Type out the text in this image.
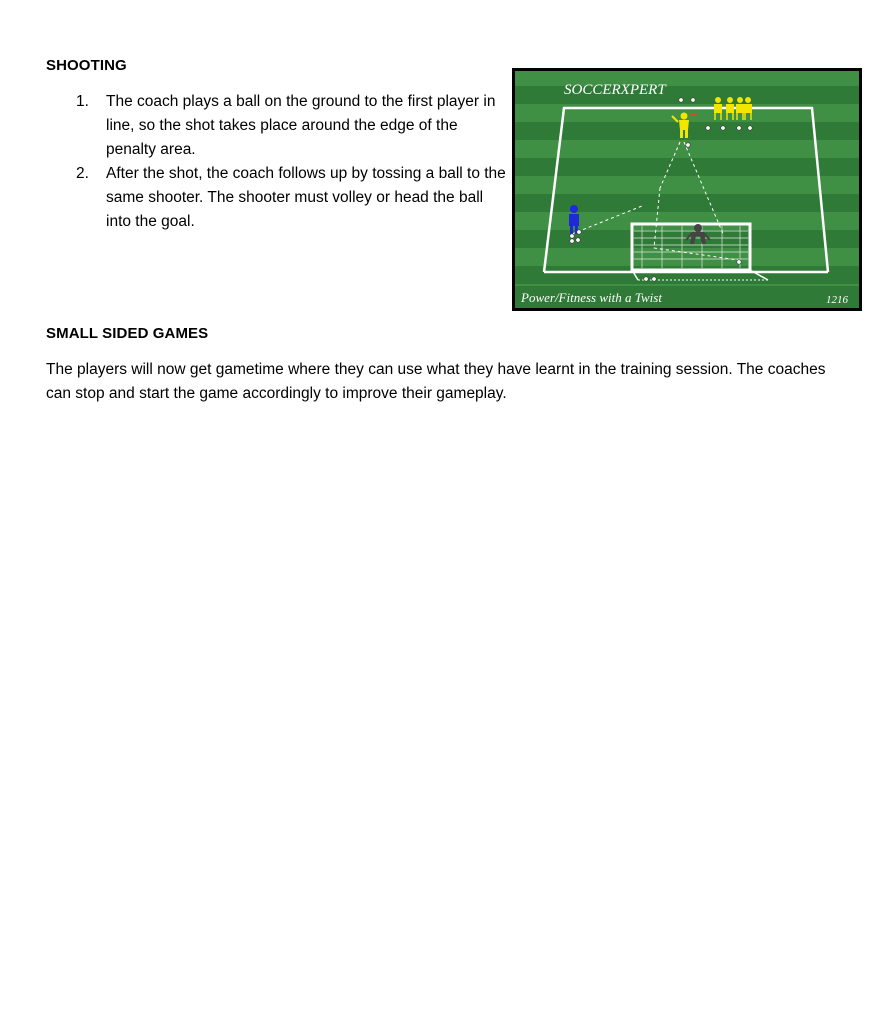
SHOOTING
1. The coach plays a ball on the ground to the first player in line, so the shot takes place around the edge of the penalty area.
2. After the shot, the coach follows up by tossing a ball to the same shooter. The shooter must volley or head the ball into the goal.
SOCCERXPERT
Power/Fitness with a Twist	1216
SMALL SIDED GAMES

The players will now get gametime where they can use what they have learnt in the training session. The coaches can stop and start the game accordingly to improve their gameplay.
